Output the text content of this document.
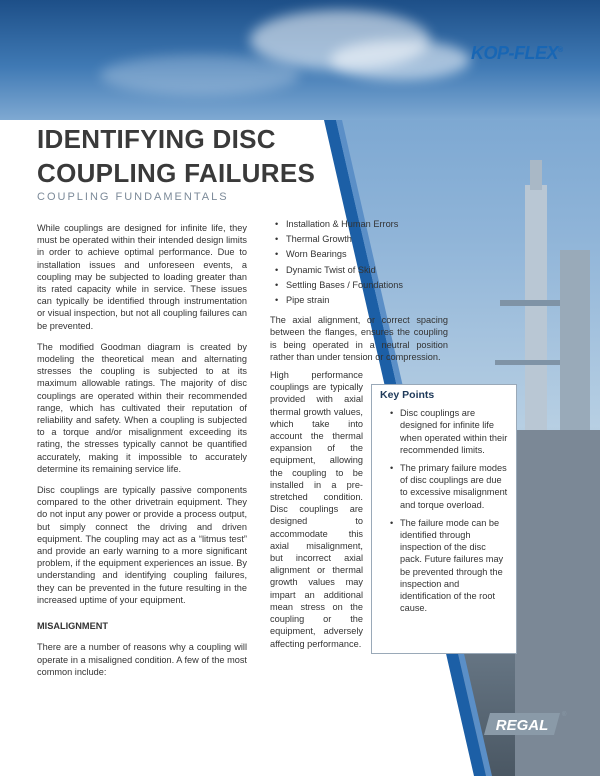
KOP-FLEX®
IDENTIFYING DISC
COUPLING FAILURES
COUPLING FUNDAMENTALS

While couplings are designed for infinite life, they must be operated within their intended design limits in order to achieve optimal performance. Due to installation issues and unforeseen events, a coupling may be subjected to loading greater than its rated capacity while in service. These issues can typically be identified through instrumentation or visual inspection, but not all coupling failures can be prevented.

The modified Goodman diagram is created by modeling the theoretical mean and alternating stresses the coupling is subjected to at its maximum allowable ratings. The majority of disc couplings are operated within their recommended range, which has cultivated their reputation of reliability and safety. When a coupling is subjected to a torque and/or misalignment exceeding its rating, the stresses typically cannot be quantified accurately, making it impossible to accurately determine its remaining service life.

Disc couplings are typically passive components compared to the other drivetrain equipment. They do not input any power or provide a process output, but simply connect the driving and driven equipment. The coupling may act as a “litmus test” and provide an early warning to a more significant problem, if the equipment experiences an issue. By understanding and identifying coupling failures, they can be prevented in the future resulting in the increased uptime of your equipment.

MISALIGNMENT

There are a number of reasons why a coupling will operate in a misaligned condition. A few of the most common include:

• Installation & Human Errors
• Thermal Growth
• Worn Bearings
• Dynamic Twist of Skid
• Settling Bases / Foundations
• Pipe strain

The axial alignment, or correct spacing between the flanges, ensures the coupling is being operated in a neutral position rather than under tension or compression.

High performance couplings are typically provided with axial thermal growth values, which take into account the thermal expansion of the equipment, allowing the coupling to be installed in a pre-stretched condition. Disc couplings are designed to accommodate this axial misalignment, but incorrect axial alignment or thermal growth values may impart an additional mean stress on the coupling or the equipment, adversely affecting performance.

Key Points
• Disc couplings are designed for infinite life when operated within their recommended limits.
• The primary failure modes of disc couplings are due to excessive misalignment and torque overload.
• The failure mode can be identified through inspection of the disc pack. Future failures may be prevented through the inspection and identification of the root cause.
REGAL
®
